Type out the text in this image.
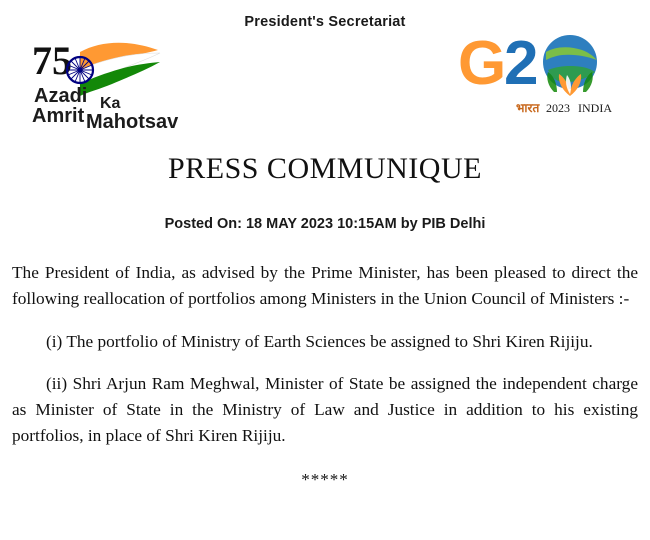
President's Secretariat
75
Azadi Ka
Amrit Mahotsav
G
2
भारत 2023 INDIA
PRESS COMMUNIQUE
Posted On: 18 MAY 2023 10:15AM by PIB Delhi

The President of India, as advised by the Prime Minister, has been pleased to direct the following reallocation of portfolios among Ministers in the Union Council of Ministers :-

(i) The portfolio of Ministry of Earth Sciences be assigned to Shri Kiren Rijiju.

(ii) Shri Arjun Ram Meghwal, Minister of State be assigned the independent charge as Minister of State in the Ministry of Law and Justice in addition to his existing portfolios, in place of Shri Kiren Rijiju.

*****
